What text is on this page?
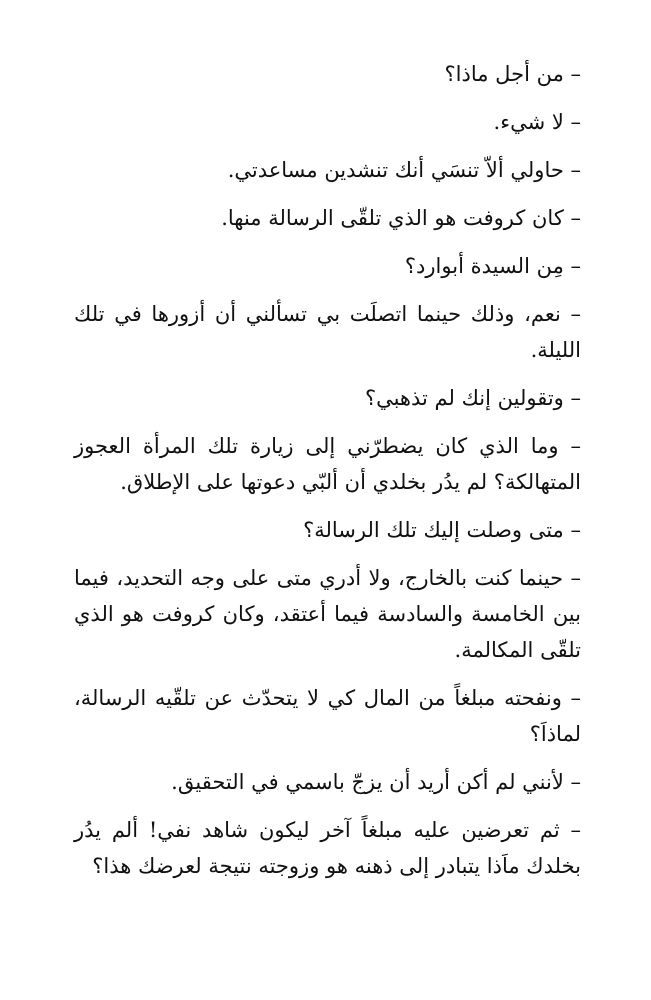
– من أجل ماذا؟

– لا شيء.

– حاولي ألاّ تنسَي أنك تنشدين مساعدتي.

– كان كروفت هو الذي تلقّى الرسالة منها.

– مِن السيدة أبوارد؟

– نعم، وذلك حينما اتصلَت بي تسألني أن أزورها في تلك الليلة.

– وتقولين إنك لم تذهبي؟

– وما الذي كان يضطرّني إلى زيارة تلك المرأة العجوز المتهالكة؟ لم يدُر بخلدي أن ألبّي دعوتها على الإطلاق.

– متى وصلت إليك تلك الرسالة؟

– حينما كنت بالخارج، ولا أدري متى على وجه التحديد، فيما بين الخامسة والسادسة فيما أعتقد، وكان كروفت هو الذي تلقّى المكالمة.

– ونفحته مبلغاً من المال كي لا يتحدّث عن تلقّيه الرسالة، لماذاَ؟

– لأنني لم أكن أريد أن يزجّ باسمي في التحقيق.

– ثم تعرضين عليه مبلغاً آخر ليكون شاهد نفي! ألم يدُر بخلدك ماَذا يتبادر إلى ذهنه هو وزوجته نتيجة لعرضك هذا؟
